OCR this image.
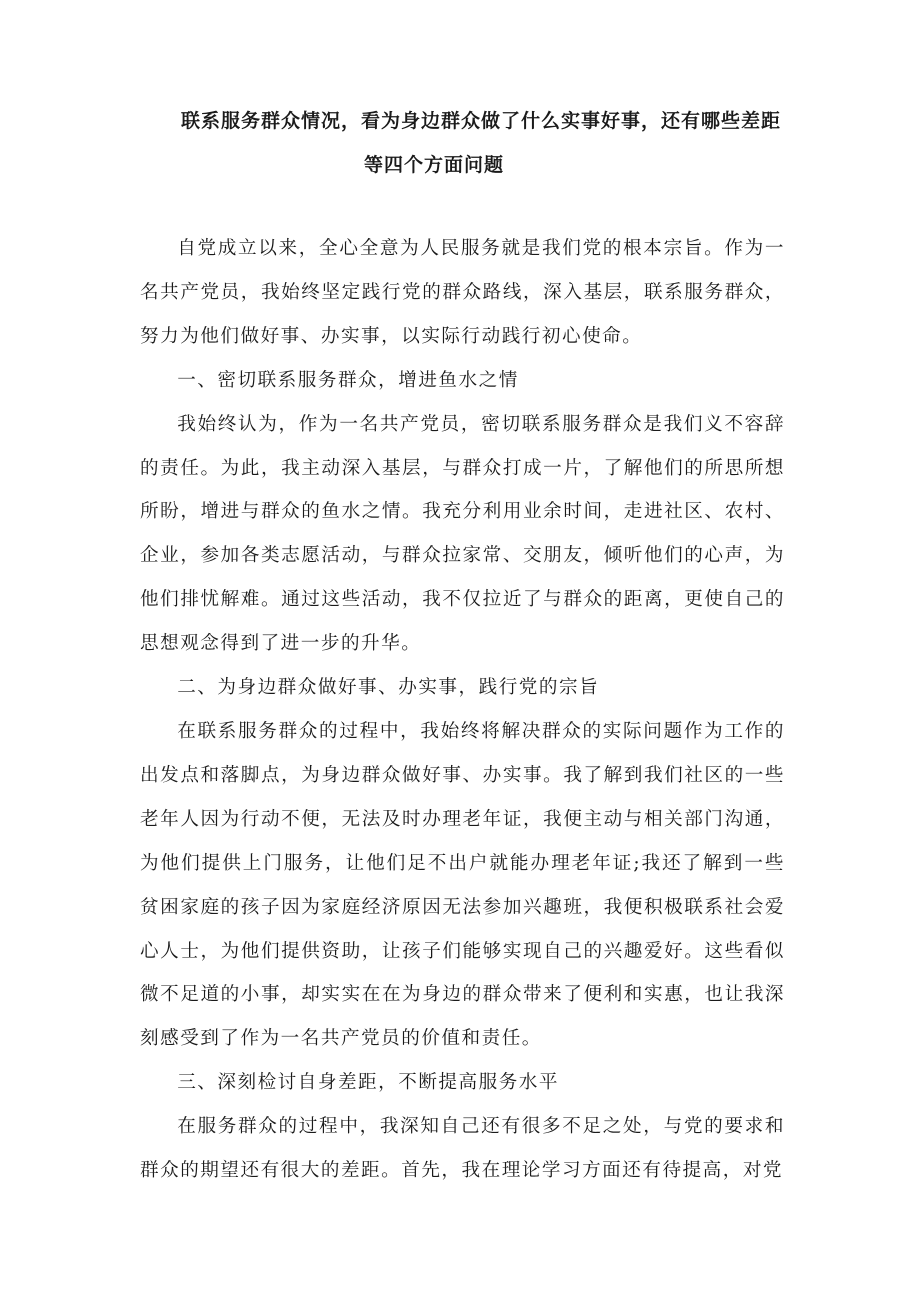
联系服务群众情况，看为身边群众做了什么实事好事，还有哪些差距
等四个方面问题

自党成立以来，全心全意为人民服务就是我们党的根本宗旨。作为一名共产党员，我始终坚定践行党的群众路线，深入基层，联系服务群众，努力为他们做好事、办实事，以实际行动践行初心使命。

一、密切联系服务群众，增进鱼水之情

我始终认为，作为一名共产党员，密切联系服务群众是我们义不容辞的责任。为此，我主动深入基层，与群众打成一片，了解他们的所思所想所盼，增进与群众的鱼水之情。我充分利用业余时间，走进社区、农村、企业，参加各类志愿活动，与群众拉家常、交朋友，倾听他们的心声，为他们排忧解难。通过这些活动，我不仅拉近了与群众的距离，更使自己的思想观念得到了进一步的升华。

二、为身边群众做好事、办实事，践行党的宗旨

在联系服务群众的过程中，我始终将解决群众的实际问题作为工作的出发点和落脚点，为身边群众做好事、办实事。我了解到我们社区的一些老年人因为行动不便，无法及时办理老年证，我便主动与相关部门沟通，为他们提供上门服务，让他们足不出户就能办理老年证;我还了解到一些贫困家庭的孩子因为家庭经济原因无法参加兴趣班，我便积极联系社会爱心人士，为他们提供资助，让孩子们能够实现自己的兴趣爱好。这些看似微不足道的小事，却实实在在为身边的群众带来了便利和实惠，也让我深刻感受到了作为一名共产党员的价值和责任。

三、深刻检讨自身差距，不断提高服务水平

在服务群众的过程中，我深知自己还有很多不足之处，与党的要求和群众的期望还有很大的差距。首先，我在理论学习方面还有待提高，对党
